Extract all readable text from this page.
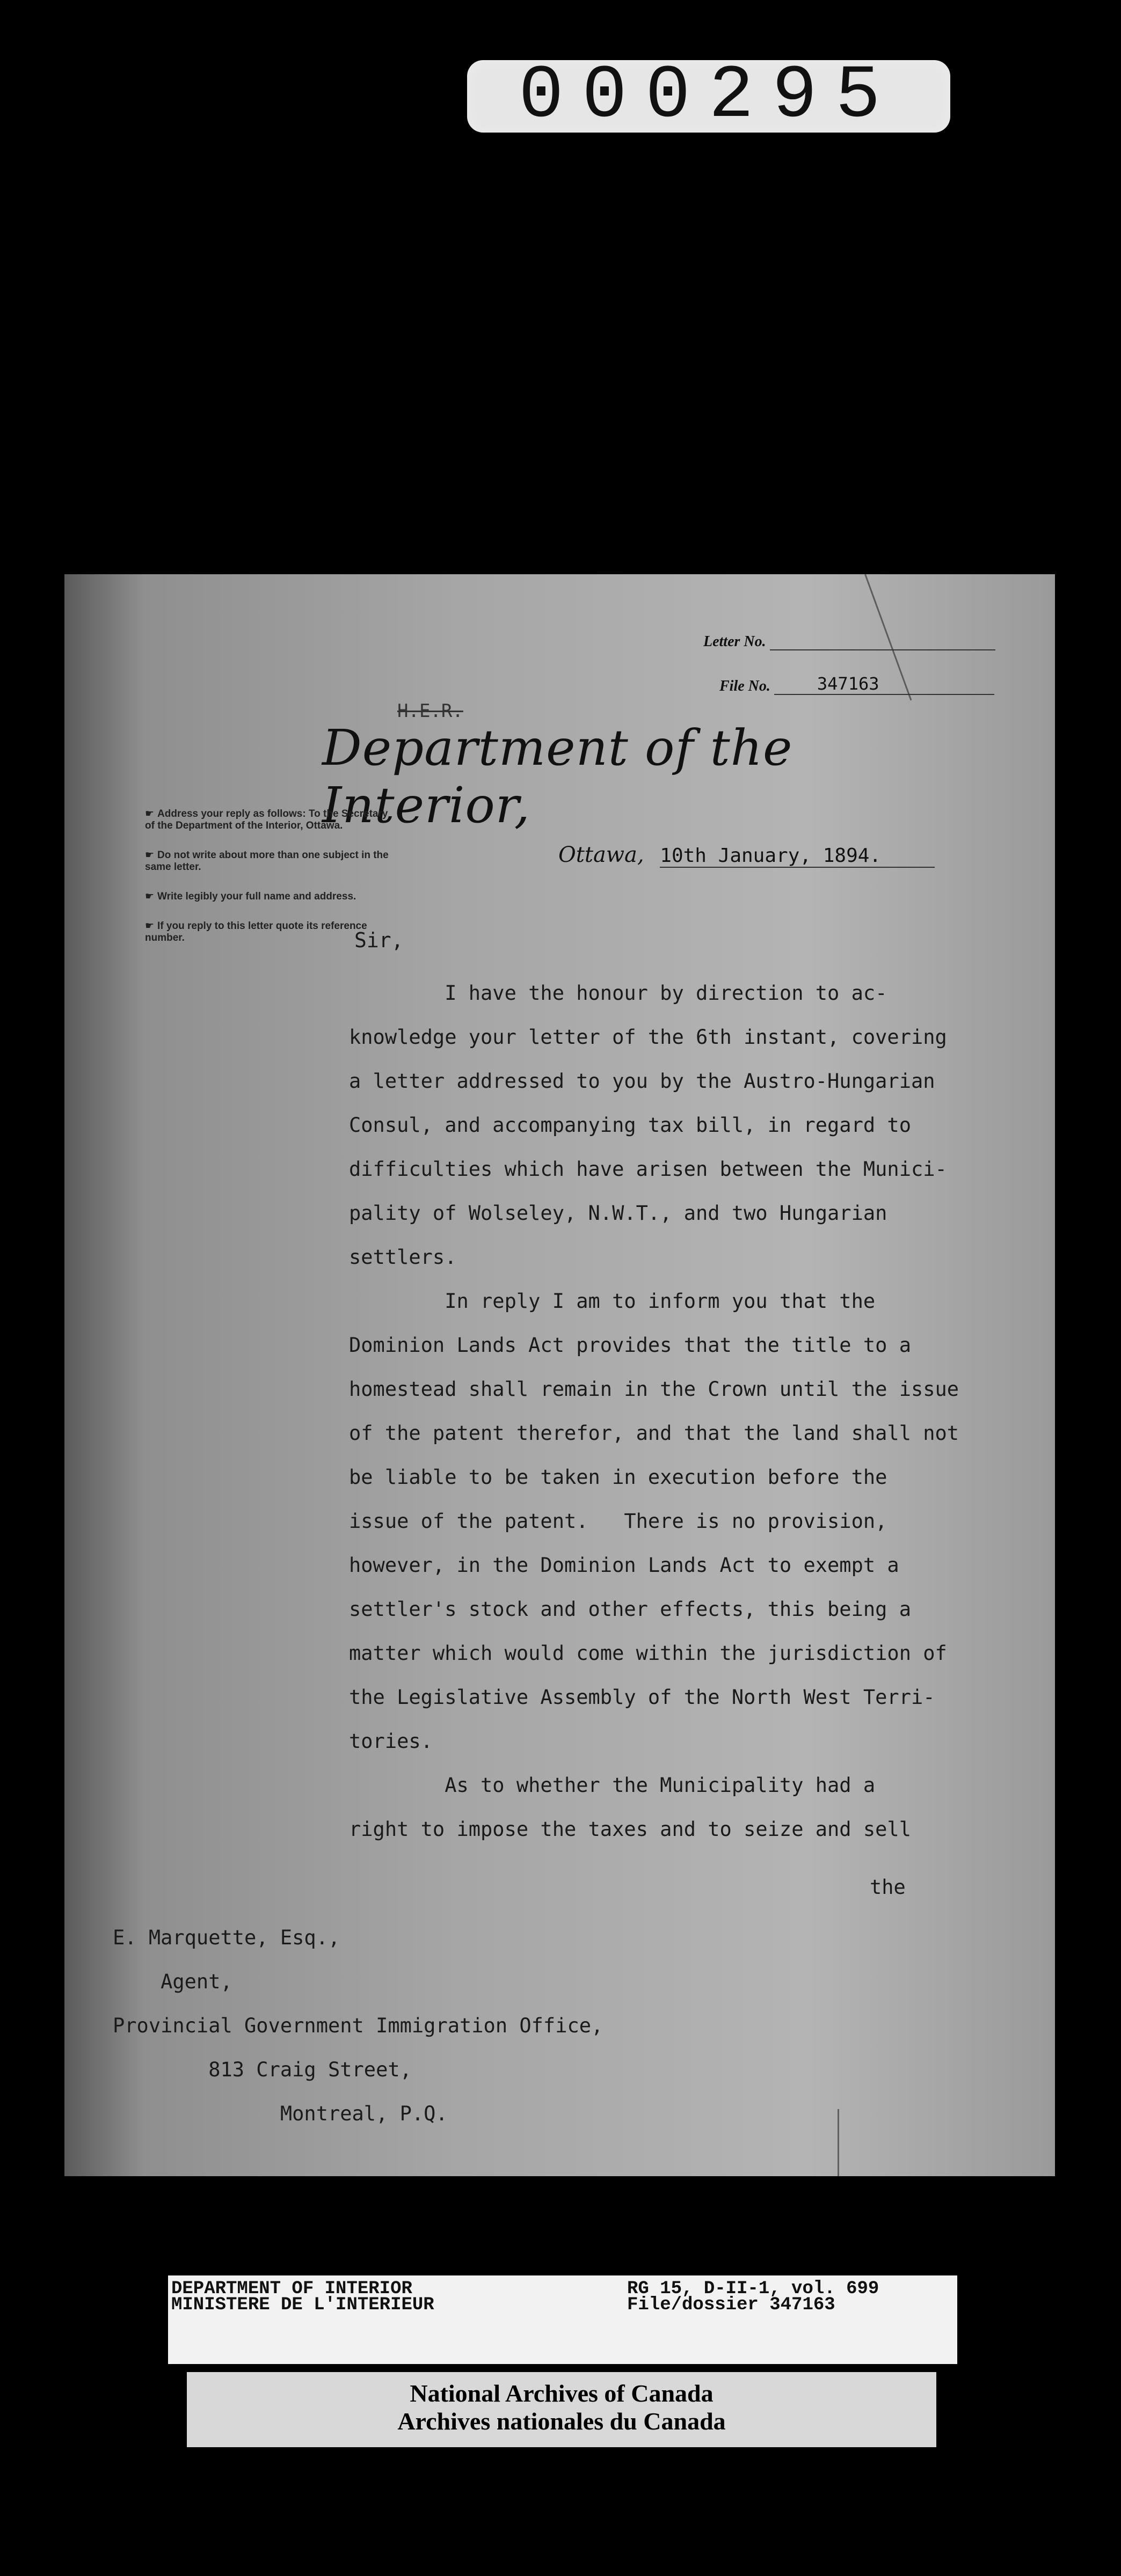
000295
Letter No.
File No.	347163
H.E.R.
Department of the Interior,
☛ Address your reply as follows: To the Secretary of the Department of the Interior, Ottawa.
☛ Do not write about more than one subject in the same letter.
☛ Write legibly your full name and address.
☛ If you reply to this letter quote its reference number.
Ottawa, 10th January, 1894.
Sir,
I have the honour by direction to ac-
knowledge your letter of the 6th instant, covering
a letter addressed to you by the Austro-Hungarian
Consul, and accompanying tax bill, in regard to
difficulties which have arisen between the Munici-
pality of Wolseley, N.W.T., and two Hungarian
settlers.
In reply I am to inform you that the
Dominion Lands Act provides that the title to a
homestead shall remain in the Crown until the issue
of the patent therefor, and that the land shall not
be liable to be taken in execution before the
issue of the patent.   There is no provision,
however, in the Dominion Lands Act to exempt a
settler's stock and other effects, this being a
matter which would come within the jurisdiction of
the Legislative Assembly of the North West Terri-
tories.
As to whether the Municipality had a
right to impose the taxes and to seize and sell
the
E. Marquette, Esq.,
Agent,
Provincial Government Immigration Office,
813 Craig Street,
Montreal, P.Q.
DEPARTMENT OF INTERIOR
MINISTERE DE L'INTERIEUR
RG 15, D-II-1, vol. 699
File/dossier 347163
National Archives of Canada
Archives nationales du Canada
